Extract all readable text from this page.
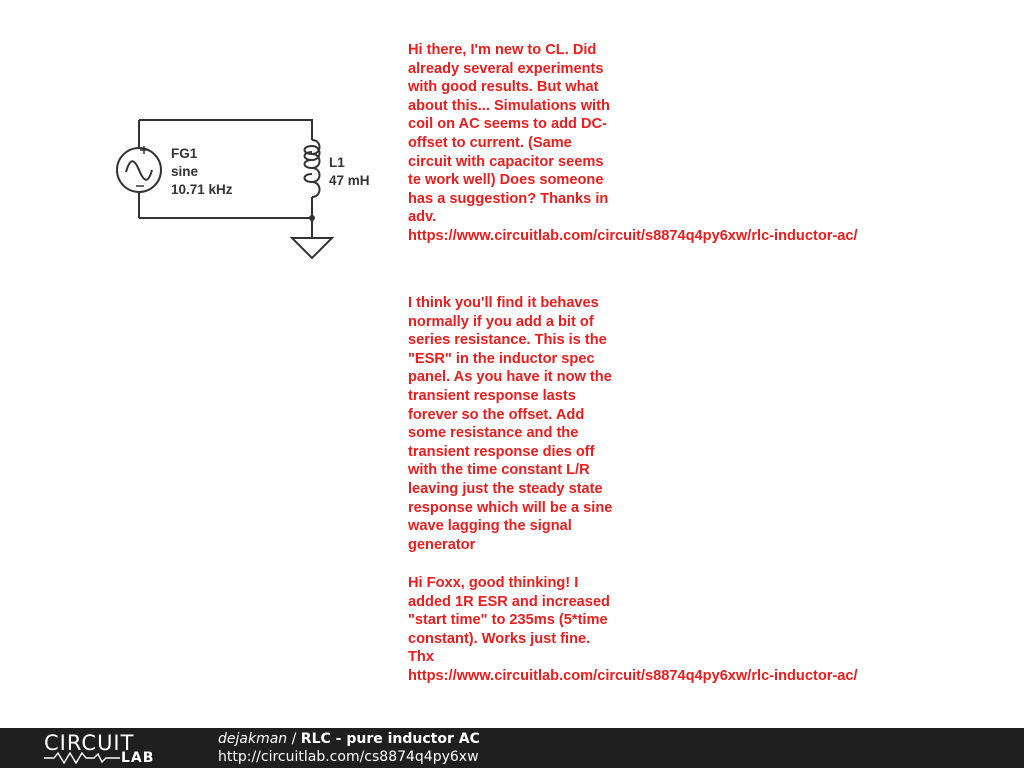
FG1
sine
10.71 kHz
L1
47 mH
Hi there, I'm new to CL. Did
already several experiments
with good results. But what
about this... Simulations with
coil on AC seems to add DC-
offset to current. (Same
circuit with capacitor seems
te work well) Does someone
has a suggestion? Thanks in
adv.
https://www.circuitlab.com/circuit/s8874q4py6xw/rlc-inductor-ac/
I think you'll find it behaves
normally if you add a bit of
series resistance. This is the
"ESR" in the inductor spec
panel. As you have it now the
transient response lasts
forever so the offset. Add
some resistance and the
transient response dies off
with the time constant L/R
leaving just the steady state
response which will be a sine
wave lagging the signal
generator
Hi Foxx, good thinking! I
added 1R ESR and increased
"start time" to 235ms (5*time
constant). Works just fine.
Thx
https://www.circuitlab.com/circuit/s8874q4py6xw/rlc-inductor-ac/
CIRCUIT
LAB
dejakman / RLC - pure inductor AC
http://circuitlab.com/cs8874q4py6xw
